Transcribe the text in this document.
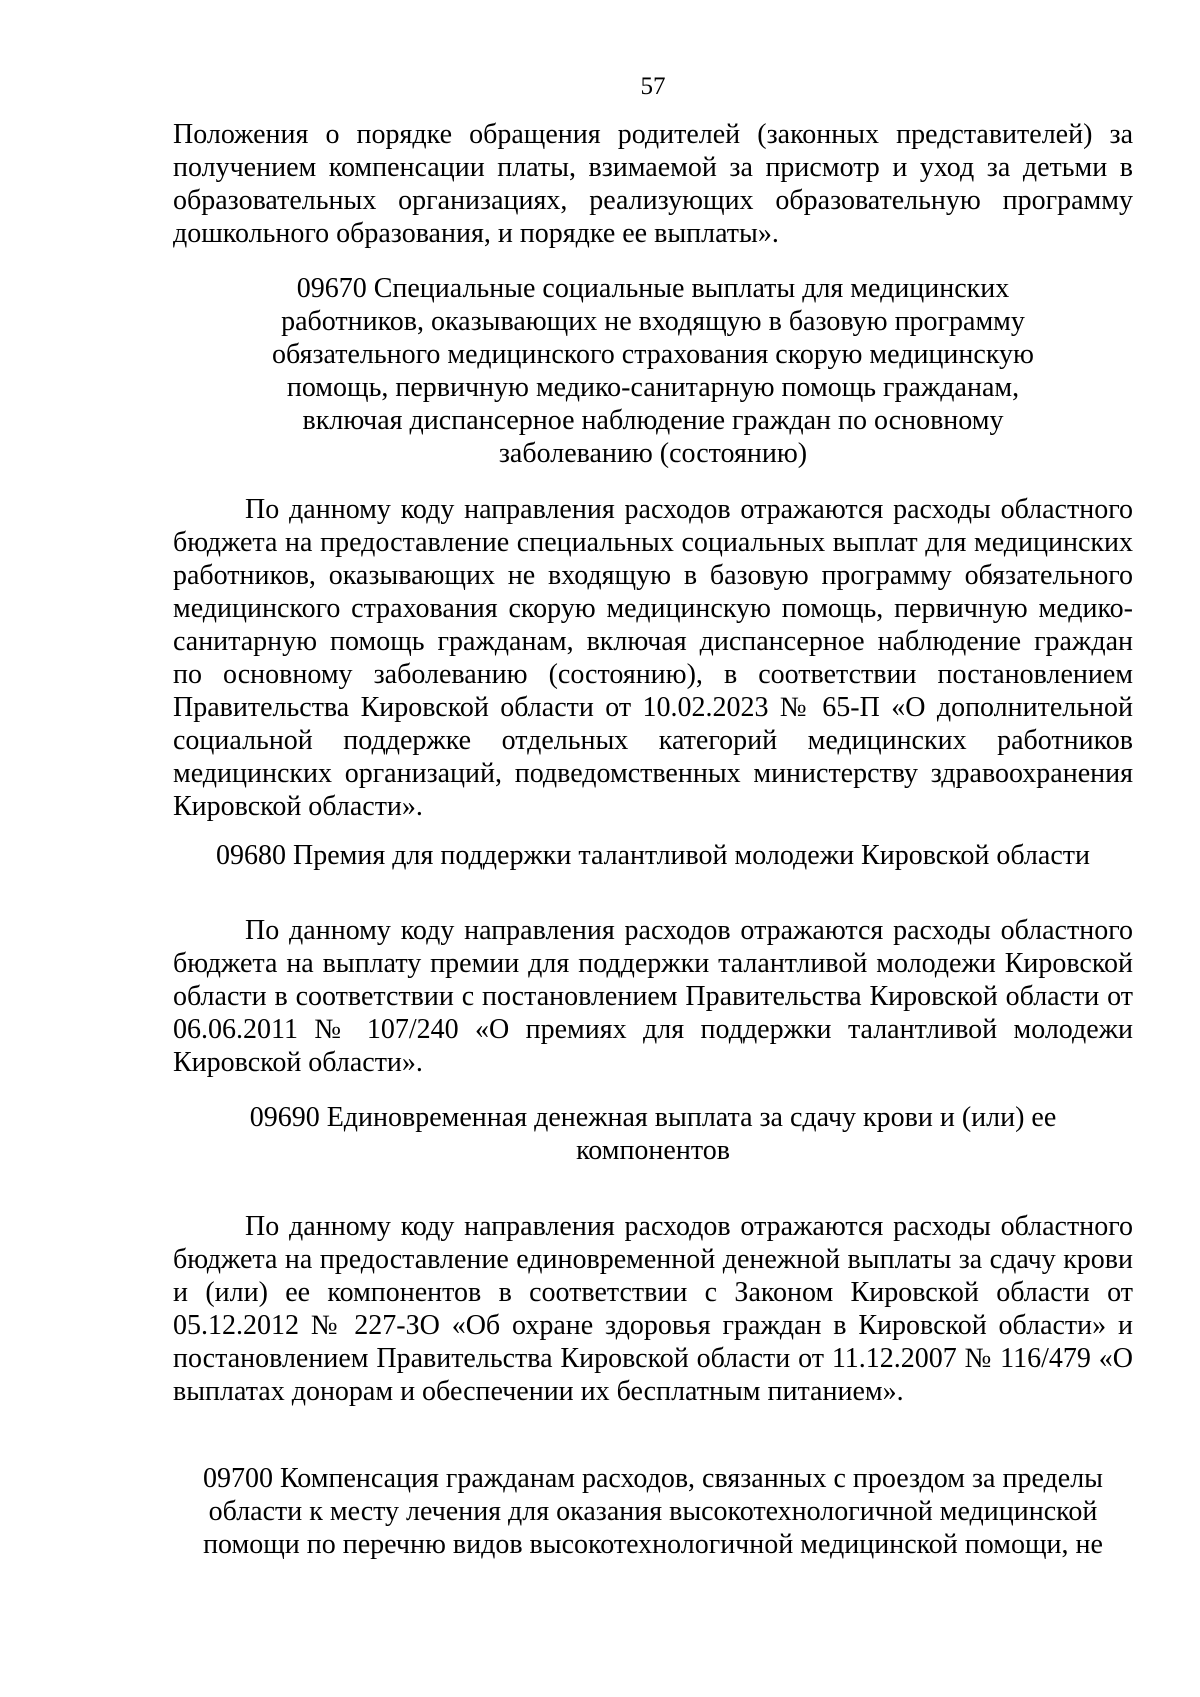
57
Положения о порядке обращения родителей (законных представителей) за
получением компенсации платы, взимаемой за присмотр и уход за детьми в
образовательных организациях, реализующих образовательную программу
дошкольного образования, и порядке ее выплаты».
09670 Специальные социальные выплаты для медицинских
работников, оказывающих не входящую в базовую программу
обязательного медицинского страхования скорую медицинскую
помощь, первичную медико-санитарную помощь гражданам,
включая диспансерное наблюдение граждан по основному
заболеванию (состоянию)
По данному коду направления расходов отражаются расходы областного
бюджета на предоставление специальных социальных выплат для медицинских
работников, оказывающих не входящую в базовую программу обязательного
медицинского страхования скорую медицинскую помощь, первичную медико-
санитарную помощь гражданам, включая диспансерное наблюдение граждан
по основному заболеванию (состоянию), в соответствии постановлением
Правительства Кировской области от 10.02.2023 № 65-П «О дополнительной
социальной поддержке отдельных категорий медицинских работников
медицинских организаций, подведомственных министерству здравоохранения
Кировской области».
09680 Премия для поддержки талантливой молодежи Кировской области
По данному коду направления расходов отражаются расходы областного
бюджета на выплату премии для поддержки талантливой молодежи Кировской
области в соответствии с постановлением Правительства Кировской области от
06.06.2011 № 107/240 «О премиях для поддержки талантливой молодежи
Кировской области».
09690 Единовременная денежная выплата за сдачу крови и (или) ее
компонентов
По данному коду направления расходов отражаются расходы областного
бюджета на предоставление единовременной денежной выплаты за сдачу крови
и (или) ее компонентов в соответствии с Законом Кировской области от
05.12.2012 № 227-ЗО «Об охране здоровья граждан в Кировской области» и
постановлением Правительства Кировской области от 11.12.2007 № 116/479 «О
выплатах донорам и обеспечении их бесплатным питанием».
09700 Компенсация гражданам расходов, связанных с проездом за пределы
области к месту лечения для оказания высокотехнологичной медицинской
помощи по перечню видов высокотехнологичной медицинской помощи, не
